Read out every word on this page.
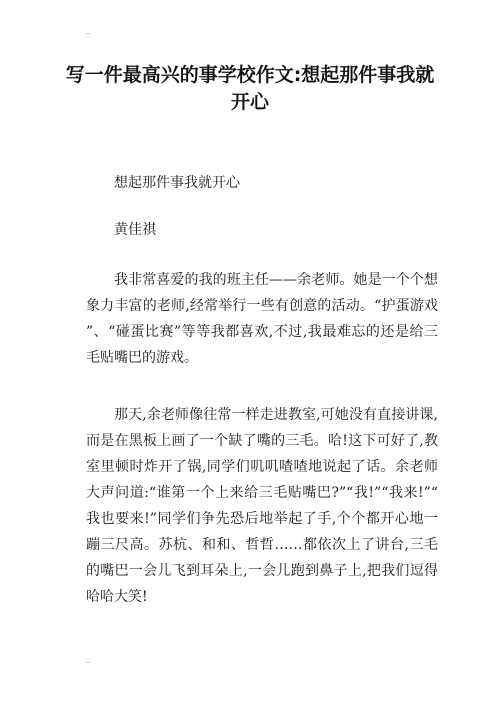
写一件最高兴的事学校作文:想起那件事我就开心

想起那件事我就开心

黄佳祺

我非常喜爱的我的班主任——余老师。她是一个个想象力丰富的老师,经常举行一些有创意的活动。“护蛋游戏”、“碰蛋比赛”等等我都喜欢,不过,我最难忘的还是给三毛贴嘴巴的游戏。

那天,余老师像往常一样走进教室,可她没有直接讲课,而是在黑板上画了一个缺了嘴的三毛。哈!这下可好了,教室里顿时炸开了锅,同学们叽叽喳喳地说起了话。余老师大声问道:“谁第一个上来给三毛贴嘴巴?”“我!”“我来!”“我也要来!”同学们争先恐后地举起了手,个个都开心地一蹦三尺高。苏杭、和和、哲哲……都依次上了讲台,三毛的嘴巴一会儿飞到耳朵上,一会儿跑到鼻子上,把我们逗得哈哈大笑!
